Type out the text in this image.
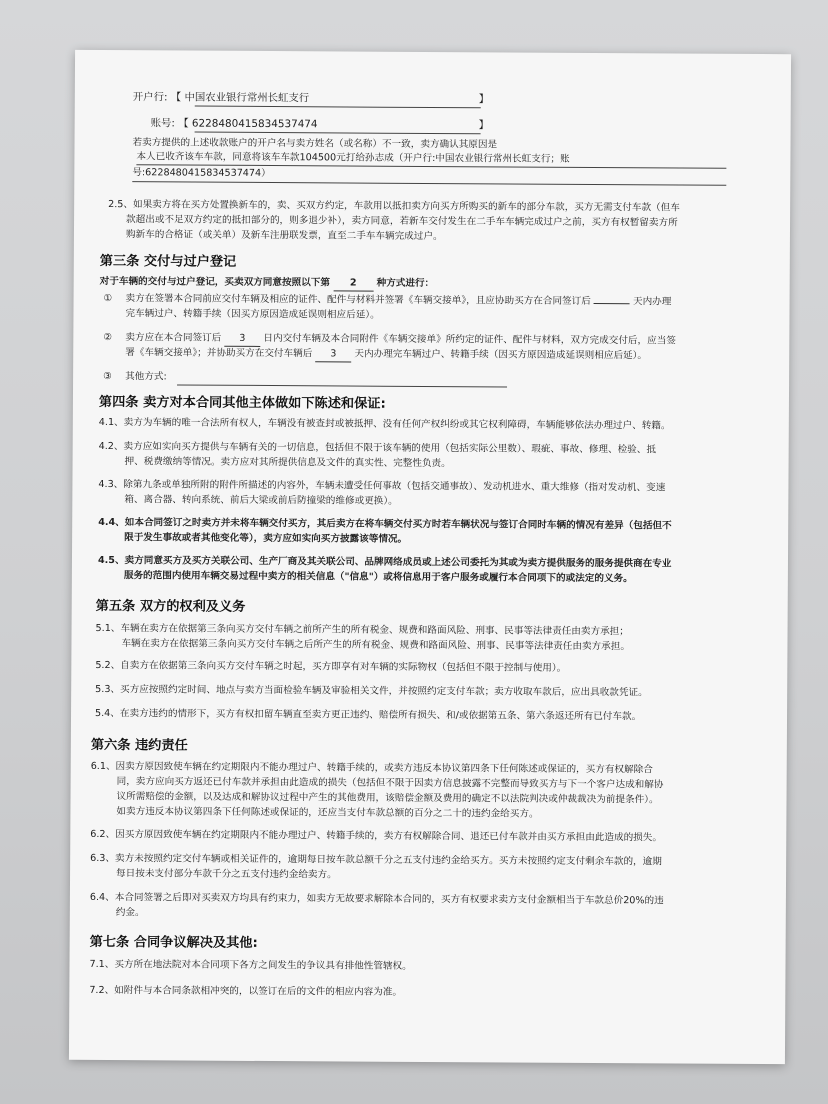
开户行: 【 中国农业银行常州长虹支行	】
账号: 【 6228480415834537474	】
若卖方提供的上述收款账户的开户名与卖方姓名（或名称）不一致，卖方确认其原因是
本人已收齐该车车款，同意将该车车款104500元打给孙志成（开户行:中国农业银行常州长虹支行；账
号:6228480415834537474）
2.5、如果卖方将在买方处置换新车的，卖、买双方约定，车款用以抵扣卖方向买方所购买的新车的部分车款，买方无需支付车款（但车
款超出或不足双方约定的抵扣部分的，则多退少补），卖方同意，若新车交付发生在二手车车辆完成过户之前，买方有权暂留卖方所
购新车的合格证（或关单）及新车注册联发票，直至二手车车辆完成过户。
第三条 交付与过户登记
对于车辆的交付与过户登记，买卖双方同意按照以下第 2 种方式进行：
① 卖方在签署本合同前应交付车辆及相应的证件、配件与材料并签署《车辆交接单》，且应协助买方在合同签订后	天内办理
完车辆过户、转籍手续（因买方原因造成延误则相应后延）。
② 卖方应在本合同签订后 3 日内交付车辆及本合同附件《车辆交接单》所约定的证件、配件与材料，双方完成交付后，应当签
署《车辆交接单》；并协助买方在交付车辆后 3 天内办理完车辆过户、转籍手续（因买方原因造成延误则相应后延）。
③ 其他方式:
第四条 卖方对本合同其他主体做如下陈述和保证:
4.1、卖方为车辆的唯一合法所有权人，车辆没有被查封或被抵押、没有任何产权纠纷或其它权利障碍，车辆能够依法办理过户、转籍。
4.2、卖方应如实向买方提供与车辆有关的一切信息，包括但不限于该车辆的使用（包括实际公里数）、瑕疵、事故、修理、检验、抵
押、税费缴纳等情况。卖方应对其所提供信息及文件的真实性、完整性负责。
4.3、除第九条或单独所附的附件所描述的内容外，车辆未遭受任何事故（包括交通事故）、发动机进水、重大维修（指对发动机、变速
箱、离合器、转向系统、前后大梁或前后防撞梁的维修或更换）。
4.4、如本合同签订之时卖方并未将车辆交付买方，其后卖方在将车辆交付买方时若车辆状况与签订合同时车辆的情况有差异（包括但不
限于发生事故或者其他变化等），卖方应如实向买方披露该等情况。
4.5、卖方同意买方及买方关联公司、生产厂商及其关联公司、品牌网络成员或上述公司委托为其或为卖方提供服务的服务提供商在专业
服务的范围内使用车辆交易过程中卖方的相关信息（"信息"）或将信息用于客户服务或履行本合同项下的或法定的义务。
第五条 双方的权利及义务
5.1、车辆在卖方在依据第三条向买方交付车辆之前所产生的所有税金、规费和路面风险、刑事、民事等法律责任由卖方承担；
车辆在卖方在依据第三条向买方交付车辆之后所产生的所有税金、规费和路面风险、刑事、民事等法律责任由卖方承担。
5.2、自卖方在依据第三条向买方交付车辆之时起，买方即享有对车辆的实际物权（包括但不限于控制与使用）。
5.3、买方应按照约定时间、地点与卖方当面检验车辆及审验相关文件，并按照约定支付车款；卖方收取车款后，应出具收款凭证。
5.4、在卖方违约的情形下，买方有权扣留车辆直至卖方更正违约、赔偿所有损失、和/或依据第五条、第六条返还所有已付车款。
第六条 违约责任
6.1、因卖方原因致使车辆在约定期限内不能办理过户、转籍手续的，或卖方违反本协议第四条下任何陈述或保证的，买方有权解除合
同，卖方应向买方返还已付车款并承担由此造成的损失（包括但不限于因卖方信息披露不完整而导致买方与下一个客户达成和解协
议所需赔偿的金额，以及达成和解协议过程中产生的其他费用，该赔偿金额及费用的确定不以法院判决或仲裁裁决为前提条件）。
如卖方违反本协议第四条下任何陈述或保证的，还应当支付车款总额的百分之二十的违约金给买方。
6.2、因买方原因致使车辆在约定期限内不能办理过户、转籍手续的，卖方有权解除合同、退还已付车款并由买方承担由此造成的损失。
6.3、卖方未按照约定交付车辆或相关证件的，逾期每日按车款总额千分之五支付违约金给买方。买方未按照约定支付剩余车款的，逾期
每日按未支付部分车款千分之五支付违约金给卖方。
6.4、本合同签署之后即对买卖双方均具有约束力，如卖方无故要求解除本合同的，买方有权要求卖方支付金额相当于车款总价20%的违
约金。
第七条 合同争议解决及其他:
7.1、买方所在地法院对本合同项下各方之间发生的争议具有排他性管辖权。
7.2、如附件与本合同条款相冲突的，以签订在后的文件的相应内容为准。
